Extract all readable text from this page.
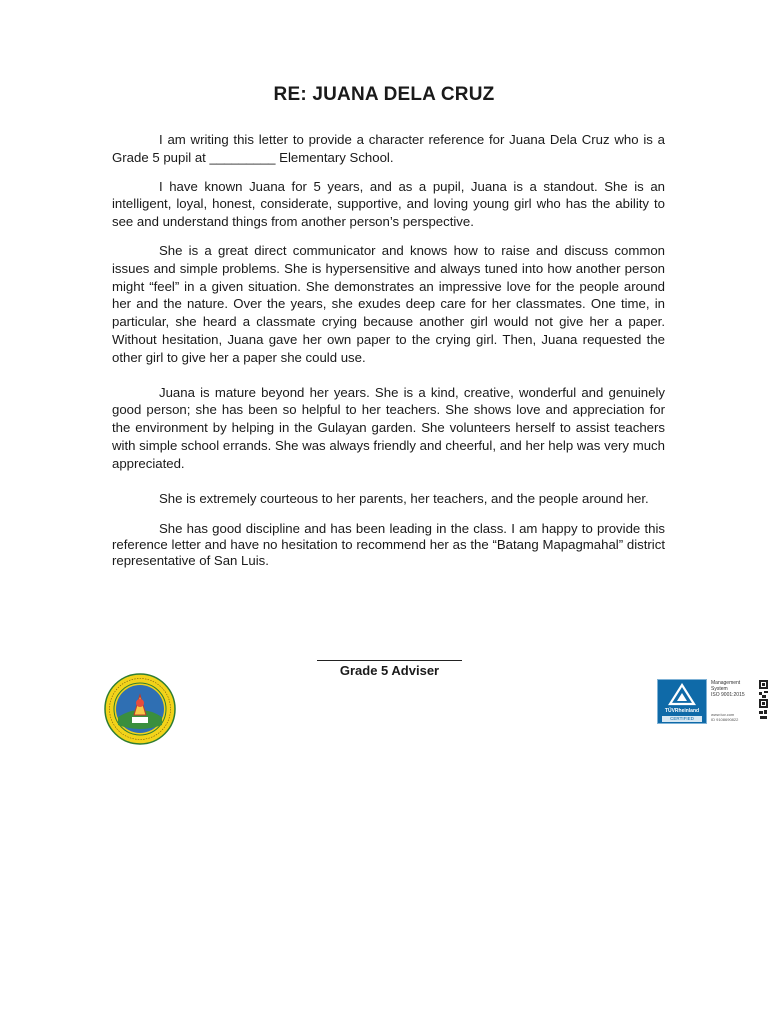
RE: JUANA DELA CRUZ

I am writing this letter to provide a character reference for Juana Dela Cruz who is a Grade 5 pupil at _________ Elementary School.

I have known Juana for 5 years, and as a pupil, Juana is a standout. She is an intelligent, loyal, honest, considerate, supportive, and loving young girl who has the ability to see and understand things from another person’s perspective.

She is a great direct communicator and knows how to raise and discuss common issues and simple problems. She is hypersensitive and always tuned into how another person might “feel” in a given situation. She demonstrates an impressive love for the people around her and the nature. Over the years, she exudes deep care for her classmates. One time, in particular, she heard a classmate crying because another girl would not give her a paper. Without hesitation, Juana gave her own paper to the crying girl. Then, Juana requested the other girl to give her a paper she could use.

Juana is mature beyond her years. She is a kind, creative, wonderful and genuinely good person; she has been so helpful to her teachers. She shows love and appreciation for the environment by helping in the Gulayan garden. She volunteers herself to assist teachers with simple school errands. She was always friendly and cheerful, and her help was very much appreciated.

She is extremely courteous to her parents, her teachers, and the people around her.

She has good discipline and has been leading in the class. I am happy to provide this reference letter and have no hesitation to recommend her as the “Batang Mapagmahal” district representative of San Luis.

Grade 5 Adviser
TÜVRheinland
CERTIFIED
Management
System
ISO 9001:2015
www.tuv.com
ID 9108690822
